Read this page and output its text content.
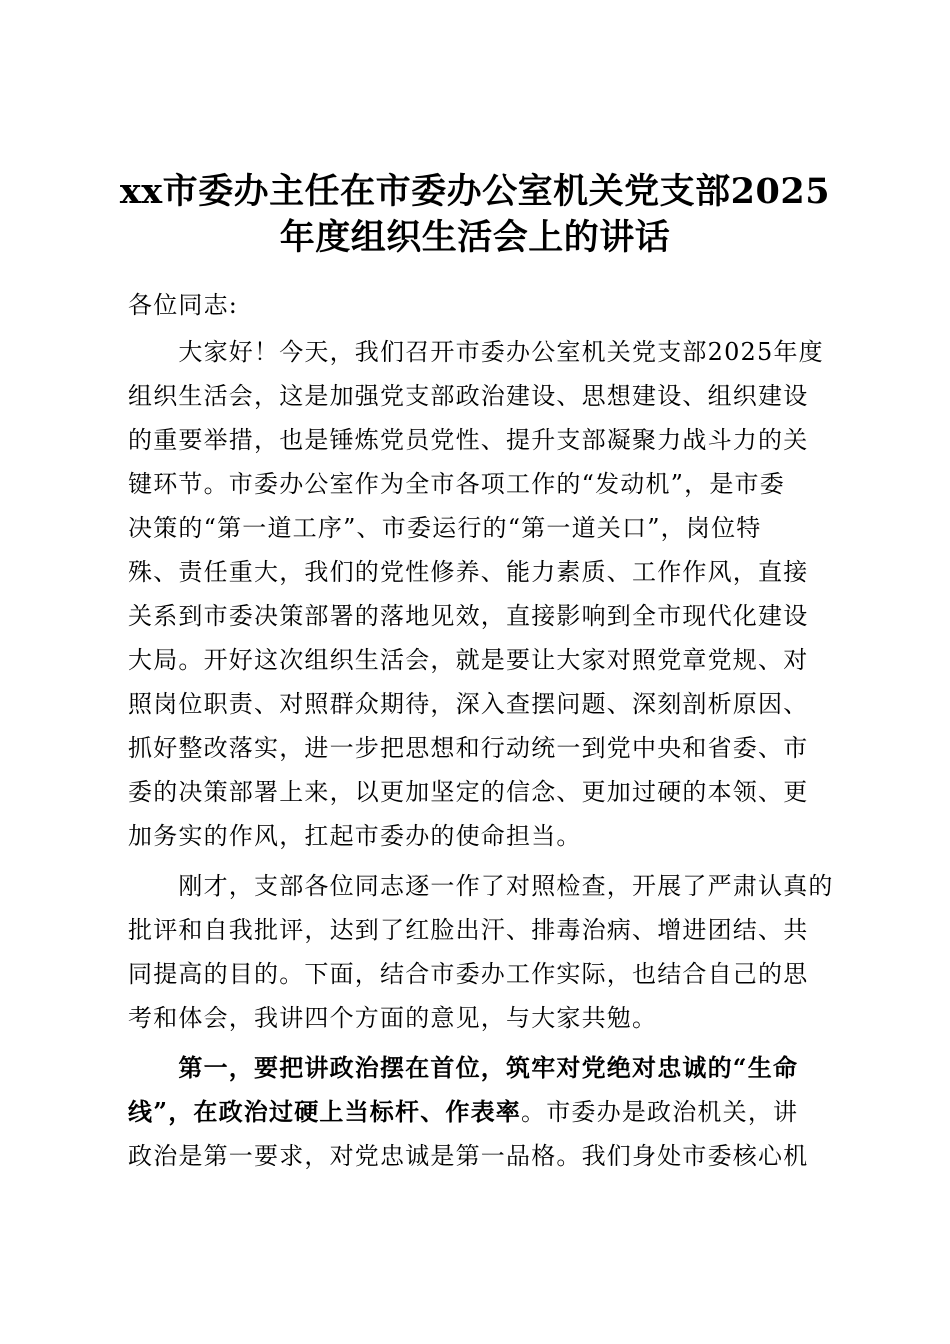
xx市委办主任在市委办公室机关党支部2025
年度组织生活会上的讲话
各位同志:
　　大家好！今天，我们召开市委办公室机关党支部2025年度
组织生活会，这是加强党支部政治建设、思想建设、组织建设
的重要举措，也是锤炼党员党性、提升支部凝聚力战斗力的关
键环节。市委办公室作为全市各项工作的“发动机”，是市委
决策的“第一道工序”、市委运行的“第一道关口”，岗位特
殊、责任重大，我们的党性修养、能力素质、工作作风，直接
关系到市委决策部署的落地见效，直接影响到全市现代化建设
大局。开好这次组织生活会，就是要让大家对照党章党规、对
照岗位职责、对照群众期待，深入查摆问题、深刻剖析原因、
抓好整改落实，进一步把思想和行动统一到党中央和省委、市
委的决策部署上来，以更加坚定的信念、更加过硬的本领、更
加务实的作风，扛起市委办的使命担当。
　　刚才，支部各位同志逐一作了对照检查，开展了严肃认真的
批评和自我批评，达到了红脸出汗、排毒治病、增进团结、共
同提高的目的。下面，结合市委办工作实际，也结合自己的思
考和体会，我讲四个方面的意见，与大家共勉。
　　第一，要把讲政治摆在首位，筑牢对党绝对忠诚的“生命
线”，在政治过硬上当标杆、作表率。市委办是政治机关，讲
政治是第一要求，对党忠诚是第一品格。我们身处市委核心机
